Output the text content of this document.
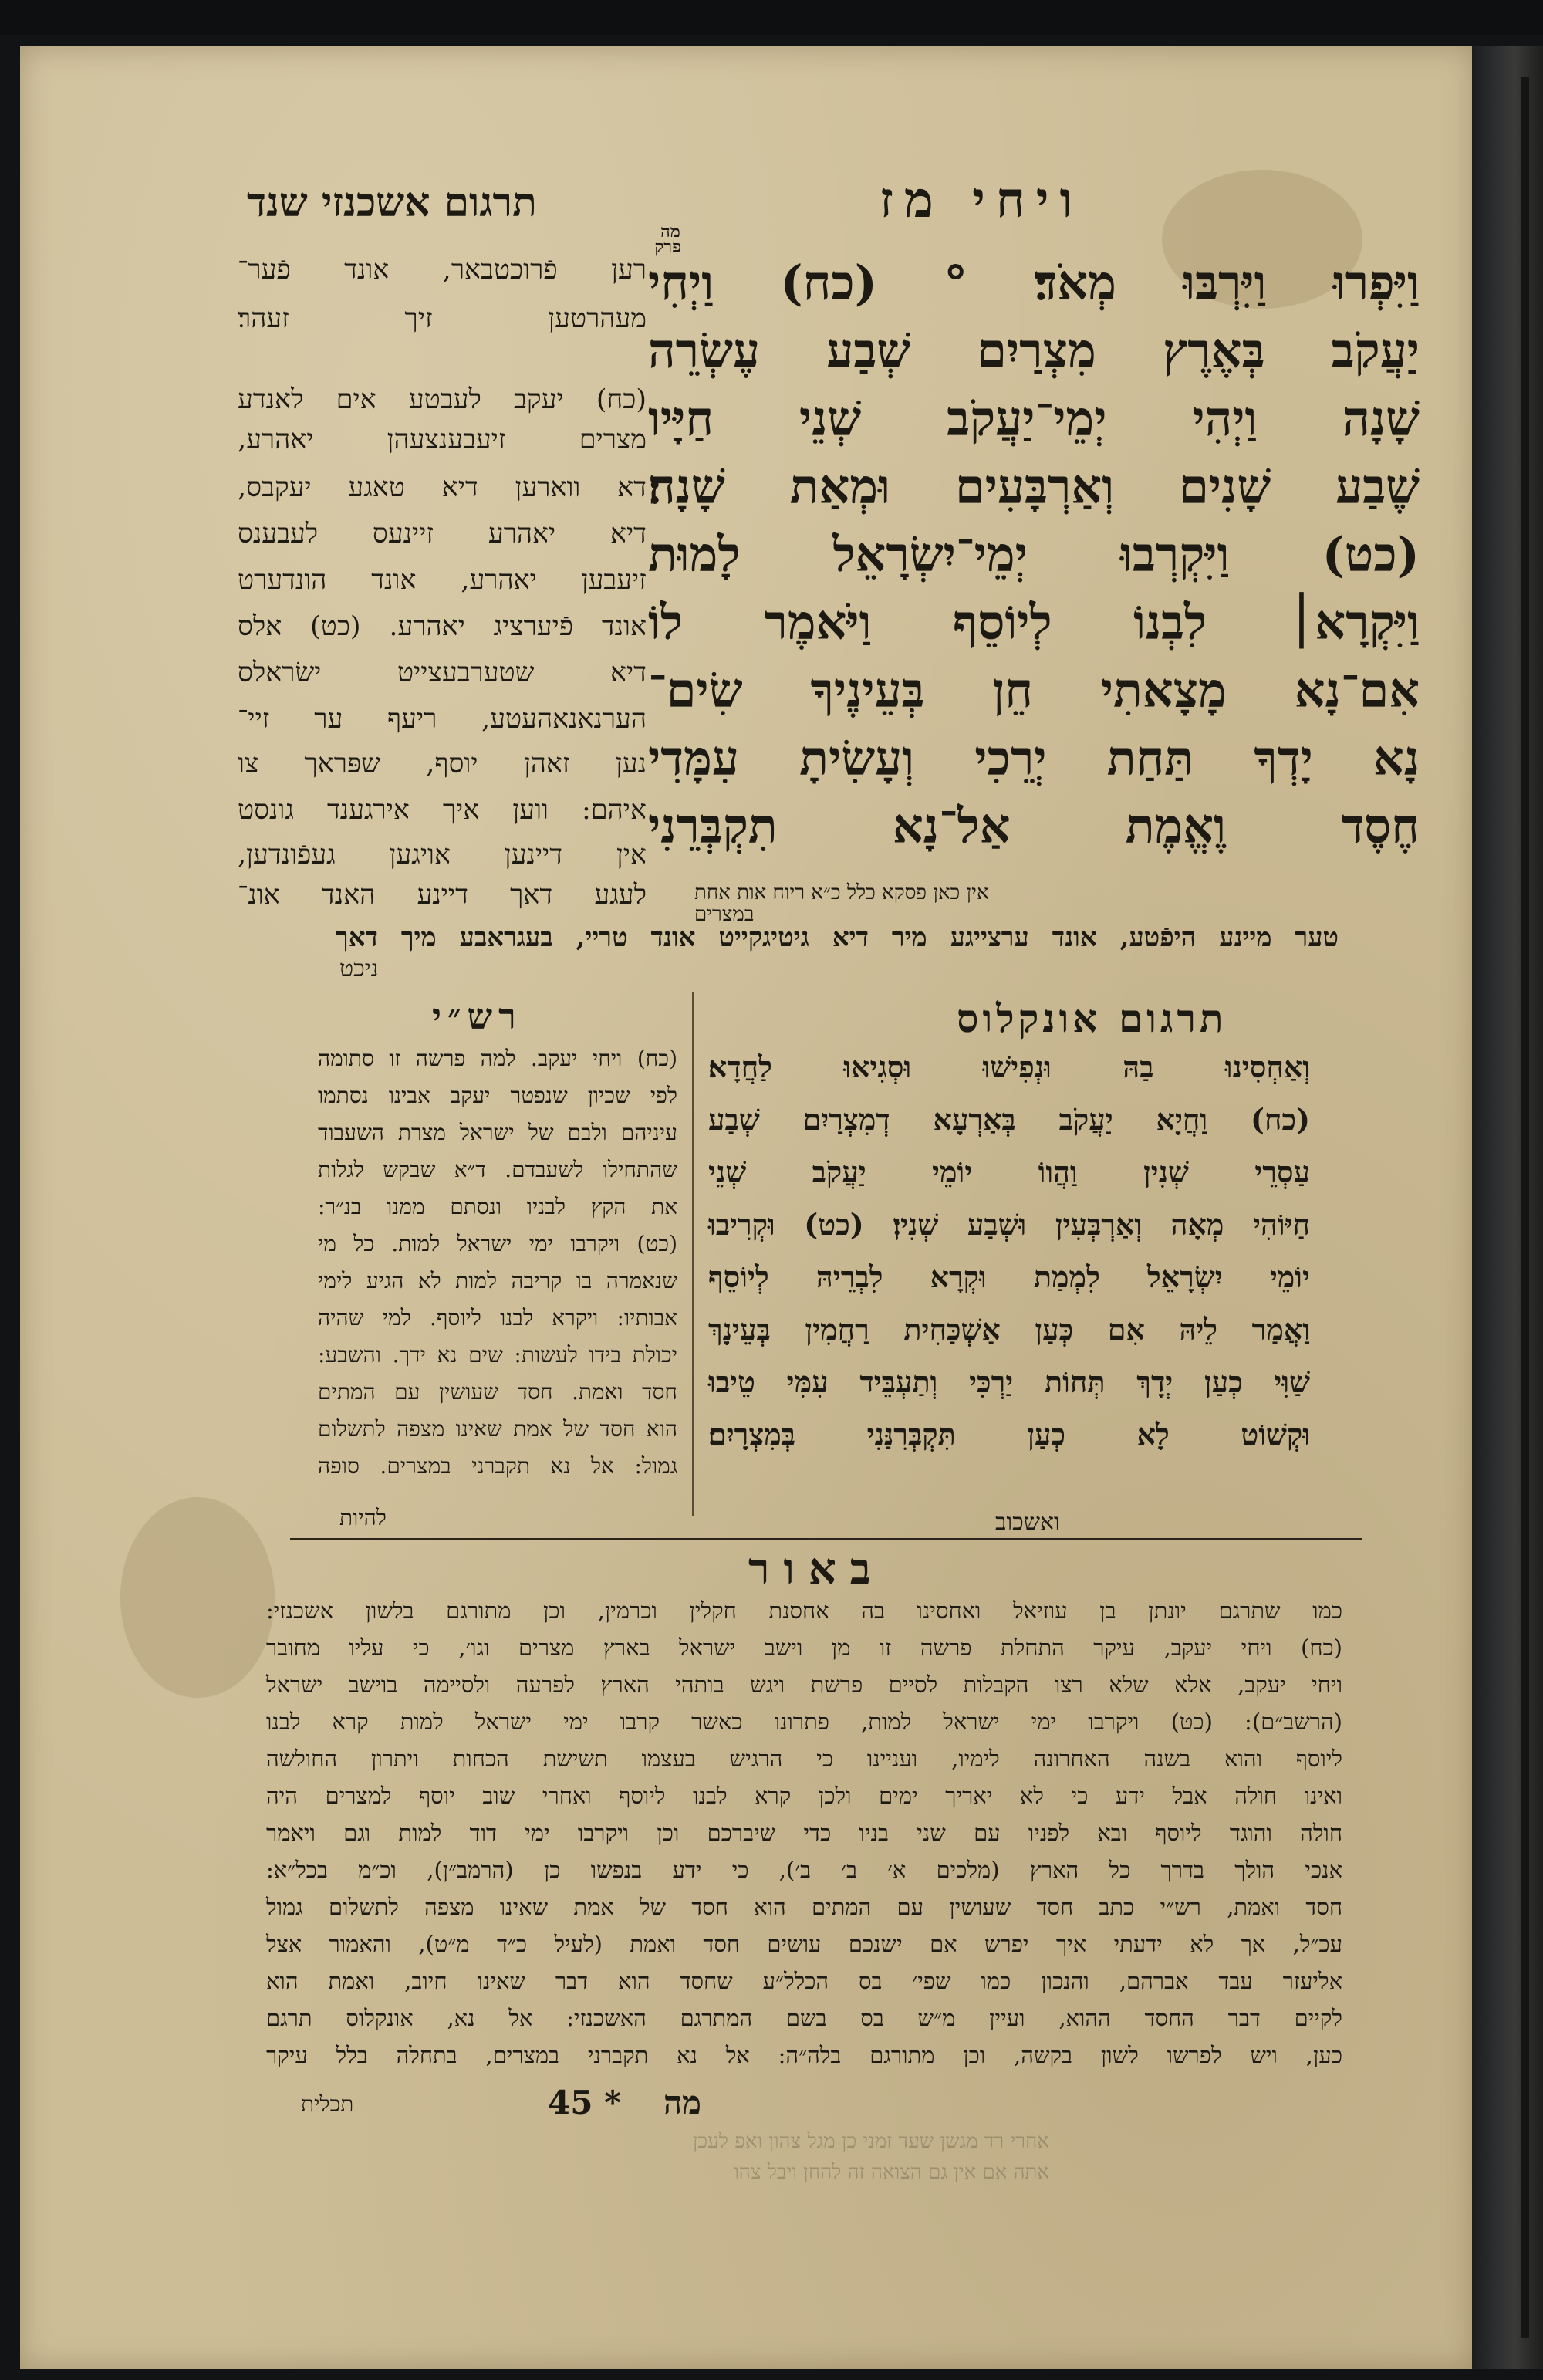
תרגום אשכנזי שנד	ויחי מז
מה פרק
וַיִּפְרוּ וַיִּרְבּוּ מְאֹד׃ ° (כח) וַיְחִי
יַעֲקֹב בְּאֶרֶץ מִצְרַיִם שְׁבַע עֶשְׂרֵה
שָׁנָה וַיְהִי יְמֵי־יַעֲקֹב שְׁנֵי חַיָּיו
שֶׁבַע שָׁנִים וְאַרְבָּעִים וּמְאַת שָׁנָה׃
(כט) וַיִּקְרְבוּ יְמֵי־יִשְׂרָאֵל לָמוּת
וַיִּקְרָא׀ לִבְנוֹ לְיוֹסֵף וַיֹּאמֶר לוֹ
אִם־נָא מָצָאתִי חֵן בְּעֵינֶיךָ שִׂים־
נָא יָדְךָ תַּחַת יְרֵכִי וְעָשִׂיתָ עִמָּדִי
חֶסֶד וֶאֱמֶת אַל־נָא תִקְבְּרֵנִי
אין כאן פסקא כלל כ״א ריוח אות אחת
במצרים
רען פֿרוכטבאר, אונד פֿער־
מעהרטען זיך זעהר׃
(כח) יעקב לעבטע אים לאנדע
מצרים זיעבענצעהן יאהרע,
דא ווארען דיא טאגע יעקבס,
דיא יאהרע זיינעס לעבענס
זיעבען יאהרע, אונד הונדערט
אונד פֿיערציג יאהרע. (כט) אלס
דיא שטערבעצייט ישׂראלס
הערנאנאהעטע, ריעף ער זיי־
נען זאהן יוסף, שפּראך צו
איהם: ווען איך אירגענד גונסט
אין דיינען אויגען געפֿונדען,
לעגע דאך דיינע האנד אונ־
טער מיינע היפֿטע, אונד ערצייגע מיר דיא גיטיגקייט אונד טריי, בעגראבע מיך דאך
ניכט
רש״י	תרגום אונקלוס
(כח) ויחי יעקב. למה פרשה זו סתומה
לפי שכיון שנפטר יעקב אבינו נסתמו
עיניהם ולבם של ישראל מצרת השעבוד
שהתחילו לשעבדם. ד״א שבקש לגלות
את הקץ לבניו ונסתם ממנו בנ״ר:
(כט) ויקרבו ימי ישראל למות. כל מי
שנאמרה בו קריבה למות לא הגיע לימי
אבותיו: ויקרא לבנו ליוסף. למי שהיה
יכולת בידו לעשות: שים נא ידך. והשבע:
חסד ואמת. חסד שעושין עם המתים
הוא חסד של אמת שאינו מצפה לתשלום
גמול: אל נא תקברני במצרים. סופה
להיות
וְאַחְסִינוּ בַהּ וּנְפִישׁוּ וּסְגִיאוּ לַחֲדָא׃
(כח) וַחֲיָא יַעֲקֹב בְּאַרְעָא דְמִצְרַיִם שְׁבַע
עַסְרֵי שְׁנִין וַהֲווֹ יוֹמֵי יַעֲקֹב שְׁנֵי
חַיּוֹהִי מְאָה וְאַרְבְּעִין וּשְׁבַע שְׁנִין׃ (כט) וּקְרִיבוּ
יוֹמֵי יִשְׂרָאֵל לִמְמַת וּקְרָא לִבְרֵיהּ לְיוֹסֵף
וַאֲמַר לֵיהּ אִם כְּעַן אַשְׁכַּחִית רַחֲמִין בְּעֵינָךְ
שַׁוִּי כְעַן יְדָךְ תְּחוֹת יַרְכִּי וְתַעְבֵּיד עִמִּי טֵיבוּ
וּקְשׁוֹט לָא כְעַן תִּקְבְּרִנַּנִי בְּמִצְרָיִם׃
ואשכוב
באור
כמו שתרגם יונתן בן עוזיאל ואחסינו בה אחסנת חקלין וכרמין, וכן מתורגם בלשון אשכנזי:
(כח) ויחי יעקב, עיקר התחלת פרשה זו מן וישב ישראל בארץ מצרים וגו׳, כי עליו מחובר
ויחי יעקב, אלא שלא רצו הקבלות לסיים פרשת ויגש בותהי הארץ לפרעה ולסיימה בוישב ישראל
(הרשב״ם): (כט) ויקרבו ימי ישראל למות, פתרונו כאשר קרבו ימי ישראל למות קרא לבנו
ליוסף והוא בשנה האחרונה לימיו, ועניינו כי הרגיש בעצמו תשישת הכחות ויתרון החולשה
ואינו חולה אבל ידע כי לא יאריך ימים ולכן קרא לבנו ליוסף ואחרי שוב יוסף למצרים היה
חולה והוגד ליוסף ובא לפניו עם שני בניו כדי שיברכם וכן ויקרבו ימי דוד למות וגם ויאמר
אנכי הולך בדרך כל הארץ (מלכים א׳ ב׳ ב׳), כי ידע בנפשו כן (הרמב״ן), וכ״מ בכל״א:
חסד ואמת, רש״י כתב חסד שעושין עם המתים הוא חסד של אמת שאינו מצפה לתשלום גמול
עכ״ל, אך לא ידעתי איך יפרש אם ישנכם עושים חסד ואמת (לעיל כ״ד מ״ט), והאמור אצל
אליעזר עבד אברהם, והנכון כמו שפי׳ בס הכלל״ע שחסד הוא דבר שאינו חיוב, ואמת הוא
לקיים דבר החסד ההוא, ועיין מ״ש בס בשם המתרגם האשכנזי: אל נא, אונקלוס תרגם
כען, ויש לפרשו לשון בקשה, וכן מתורגם בלה״ה: אל נא תקברני במצרים, בתחלה בלל עיקר
תכלית	45 * מה
אחרי רד מגשן שעד זמני כן מגל צהון ואפ לעכן
אתה אם אין גם הצואה זה להחן ויבל צהו
